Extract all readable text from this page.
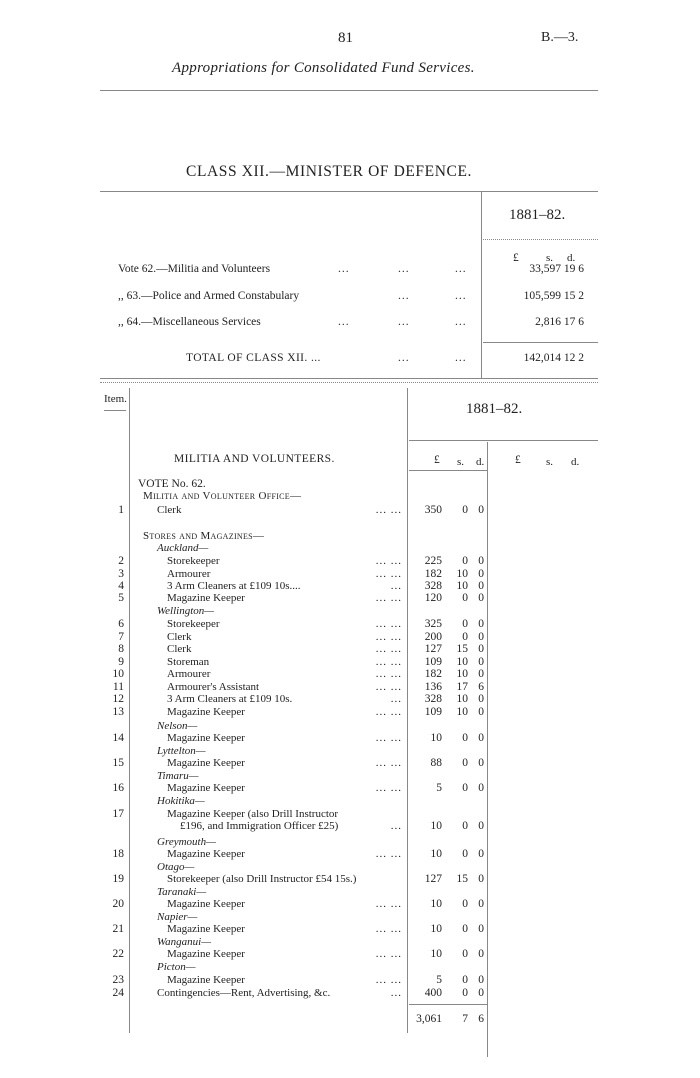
81	B.—3.
Appropriations for Consolidated Fund Services.
CLASS XII.—MINISTER OF DEFENCE.
1881–82.
£ s. d.
Vote 62.—Militia and Volunteers	...	...	...	33,597 19 6
,, 63.—Police and Armed Constabulary	...	...	105,599 15 2
,, 64.—Miscellaneous Services	...	...	...	2,816 17 6
TOTAL OF CLASS XII. ...	...	...	142,014 12 2
Item.
1881–82.
MILITIA AND VOLUNTEERS.	£ s. d.	£ s. d.
VOTE No. 62.
Militia and Volunteer Office—
Stores and Magazines—
Auckland—
Wellington—
Nelson—
Lyttelton—
Timaru—
Hokitika—
Greymouth—
Otago—
Taranaki—
Napier—
Wanganui—
Picton—
1	Clerk	... ...	350	0 0
2	Storekeeper	... ...	225	0 0
3	Armourer	... ...	182	10 0
4	3 Arm Cleaners at £109 10s....	...	328	10 0
5	Magazine Keeper	... ...	120	0 0
6	Storekeeper	... ...	325	0 0
7	Clerk	... ...	200	0 0
8	Clerk	... ...	127	15 0
9	Storeman	... ...	109	10 0
10	Armourer	... ...	182	10 0
11	Armourer's Assistant	... ...	136	17 6
12	3 Arm Cleaners at £109 10s.	...	328	10 0
13	Magazine Keeper	... ...	109	10 0
14	Magazine Keeper	... ...	10	0 0
15	Magazine Keeper	... ...	88	0 0
16	Magazine Keeper	... ...	5	0 0
17	Magazine Keeper (also Drill Instructor
£196, and Immigration Officer £25)	...	10	0 0
18	Magazine Keeper	... ...	10	0 0
19	Storekeeper (also Drill Instructor £54 15s.)	127	15 0
20	Magazine Keeper	... ...	10	0 0
21	Magazine Keeper	... ...	10	0 0
22	Magazine Keeper	... ...	10	0 0
23	Magazine Keeper	... ...	5	0 0
24	Contingencies—Rent, Advertising, &c.	...	400	0 0
3,061	7 6
